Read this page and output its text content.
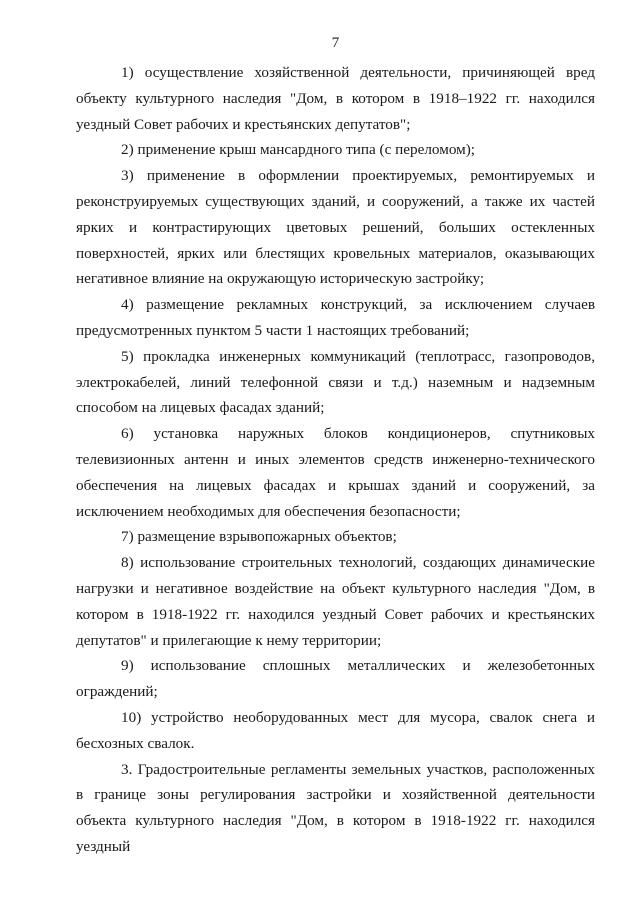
7

1) осуществление хозяйственной деятельности, причиняющей вред объекту культурного наследия "Дом, в котором в 1918–1922 гг. находился уездный Совет рабочих и крестьянских депутатов";

2) применение крыш мансардного типа (с переломом);

3) применение в оформлении проектируемых, ремонтируемых и реконструируемых существующих зданий, и сооружений, а также их частей ярких и контрастирующих цветовых решений, больших остекленных поверхностей, ярких или блестящих кровельных материалов, оказывающих негативное влияние на окружающую историческую застройку;

4) размещение рекламных конструкций, за исключением случаев предусмотренных пунктом 5 части 1 настоящих требований;

5) прокладка инженерных коммуникаций (теплотрасс, газопроводов, электрокабелей, линий телефонной связи и т.д.) наземным и надземным способом на лицевых фасадах зданий;

6) установка наружных блоков кондиционеров, спутниковых телевизионных антенн и иных элементов средств инженерно-технического обеспечения на лицевых фасадах и крышах зданий и сооружений, за исключением необходимых для обеспечения безопасности;

7) размещение взрывопожарных объектов;

8) использование строительных технологий, создающих динамические нагрузки и негативное воздействие на объект культурного наследия "Дом, в котором в 1918-1922 гг. находился уездный Совет рабочих и крестьянских депутатов" и прилегающие к нему территории;

9) использование сплошных металлических и железобетонных ограждений;

10) устройство необорудованных мест для мусора, свалок снега и бесхозных свалок.

3. Градостроительные регламенты земельных участков, расположенных в границе зоны регулирования застройки и хозяйственной деятельности объекта культурного наследия "Дом, в котором в 1918-1922 гг. находился уездный
